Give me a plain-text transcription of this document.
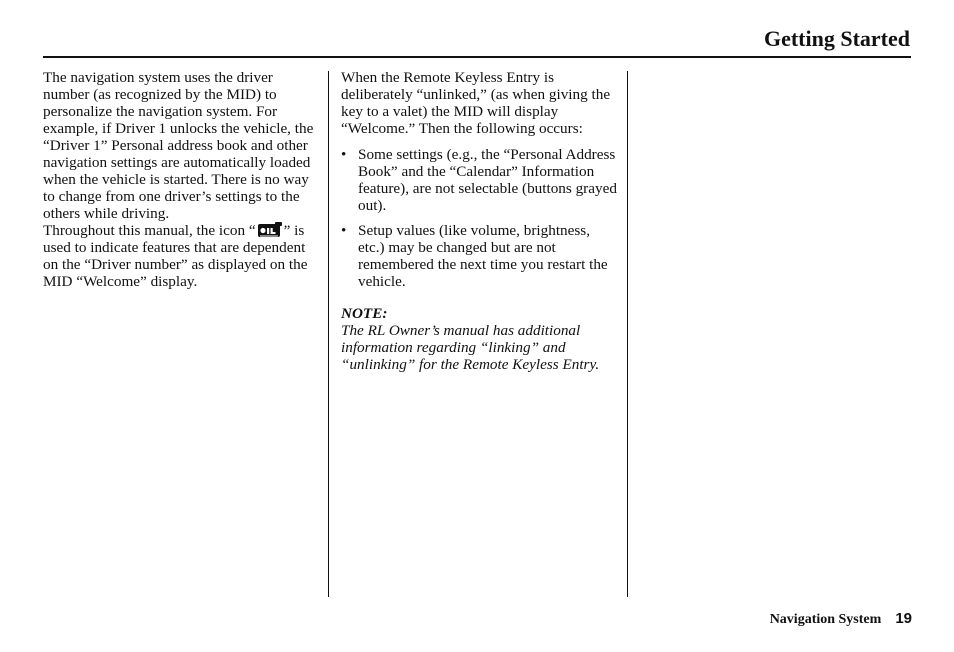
Getting Started

The navigation system uses the driver number (as recognized by the MID) to personalize the navigation system. For example, if Driver 1 unlocks the vehicle, the “Driver 1” Personal address book and other navigation settings are automatically loaded when the vehicle is started. There is no way to change from one driver’s settings to the others while driving.

Throughout this manual, the icon “ ” is used to indicate features that are dependent on the “Driver number” as displayed on the MID “Welcome” display.

When the Remote Keyless Entry is deliberately “unlinked,” (as when giving the key to a valet) the MID will display “Welcome.” Then the following occurs:

• Some settings (e.g., the “Personal Address Book” and the “Calendar” Information feature), are not selectable (buttons grayed out).
• Setup values (like volume, brightness, etc.) may be changed but are not remembered the next time you restart the vehicle.
NOTE:
The RL Owner’s manual has additional information regarding “linking” and “unlinking” for the Remote Keyless Entry.
Navigation System 19
